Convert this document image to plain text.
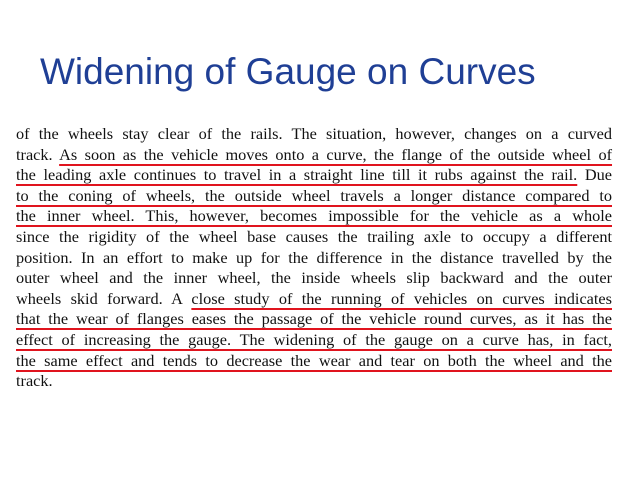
Widening of Gauge on Curves
of the wheels stay clear of the rails. The situation, however, changes on a curved
track. As soon as the vehicle moves onto a curve, the flange of the outside wheel of
the leading axle continues to travel in a straight line till it rubs against the rail. Due
to the coning of wheels, the outside wheel travels a longer distance compared to
the inner wheel. This, however, becomes impossible for the vehicle as a whole
since the rigidity of the wheel base causes the trailing axle to occupy a different
position. In an effort to make up for the difference in the distance travelled by the
outer wheel and the inner wheel, the inside wheels slip backward and the outer
wheels skid forward. A close study of the running of vehicles on curves indicates
that the wear of flanges eases the passage of the vehicle round curves, as it has the
effect of increasing the gauge. The widening of the gauge on a curve has, in fact,
the same effect and tends to decrease the wear and tear on both the wheel and the
track.
